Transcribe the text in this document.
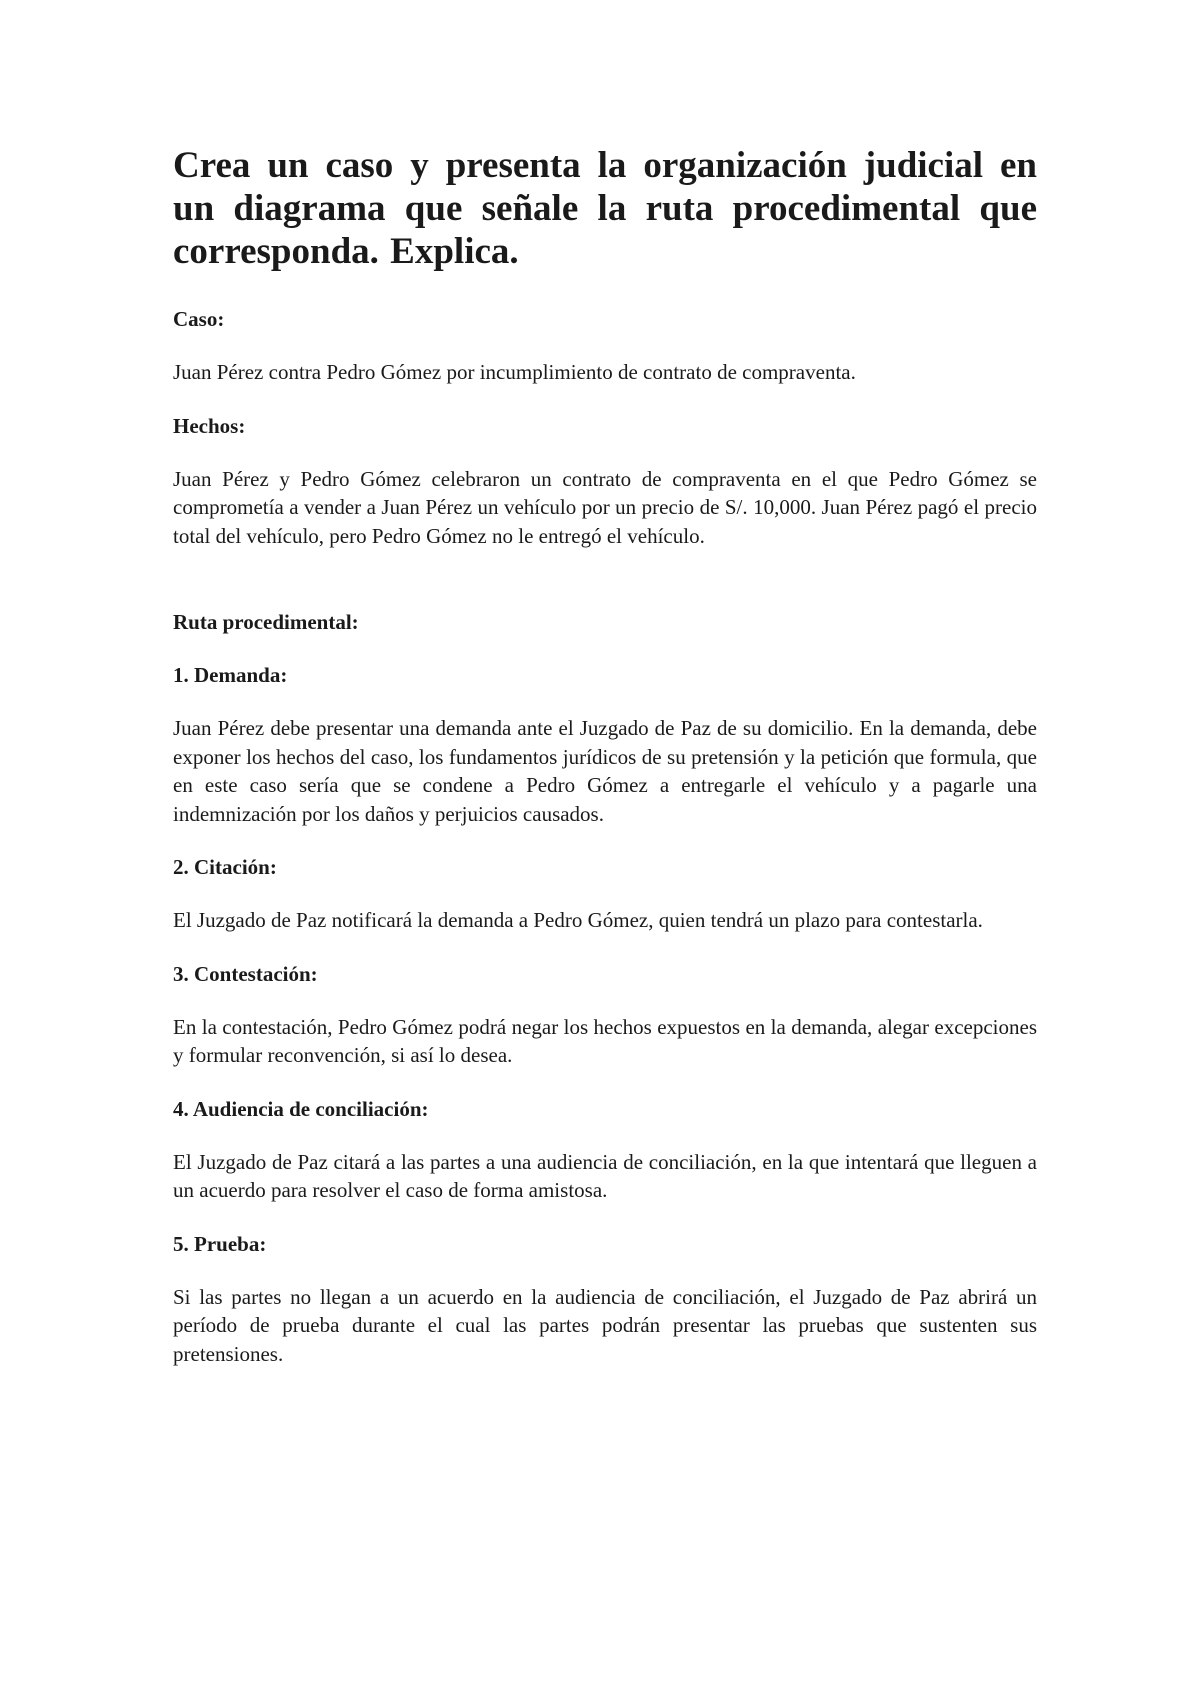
Crea un caso y presenta la organización judicial en un diagrama que señale la ruta procedimental que corresponda. Explica.

Caso:

Juan Pérez contra Pedro Gómez por incumplimiento de contrato de compraventa.

Hechos:

Juan Pérez y Pedro Gómez celebraron un contrato de compraventa en el que Pedro Gómez se comprometía a vender a Juan Pérez un vehículo por un precio de S/. 10,000. Juan Pérez pagó el precio total del vehículo, pero Pedro Gómez no le entregó el vehículo.

Ruta procedimental:

1. Demanda:

Juan Pérez debe presentar una demanda ante el Juzgado de Paz de su domicilio. En la demanda, debe exponer los hechos del caso, los fundamentos jurídicos de su pretensión y la petición que formula, que en este caso sería que se condene a Pedro Gómez a entregarle el vehículo y a pagarle una indemnización por los daños y perjuicios causados.

2. Citación:

El Juzgado de Paz notificará la demanda a Pedro Gómez, quien tendrá un plazo para contestarla.

3. Contestación:

En la contestación, Pedro Gómez podrá negar los hechos expuestos en la demanda, alegar excepciones y formular reconvención, si así lo desea.

4. Audiencia de conciliación:

El Juzgado de Paz citará a las partes a una audiencia de conciliación, en la que intentará que lleguen a un acuerdo para resolver el caso de forma amistosa.

5. Prueba:

Si las partes no llegan a un acuerdo en la audiencia de conciliación, el Juzgado de Paz abrirá un período de prueba durante el cual las partes podrán presentar las pruebas que sustenten sus pretensiones.
